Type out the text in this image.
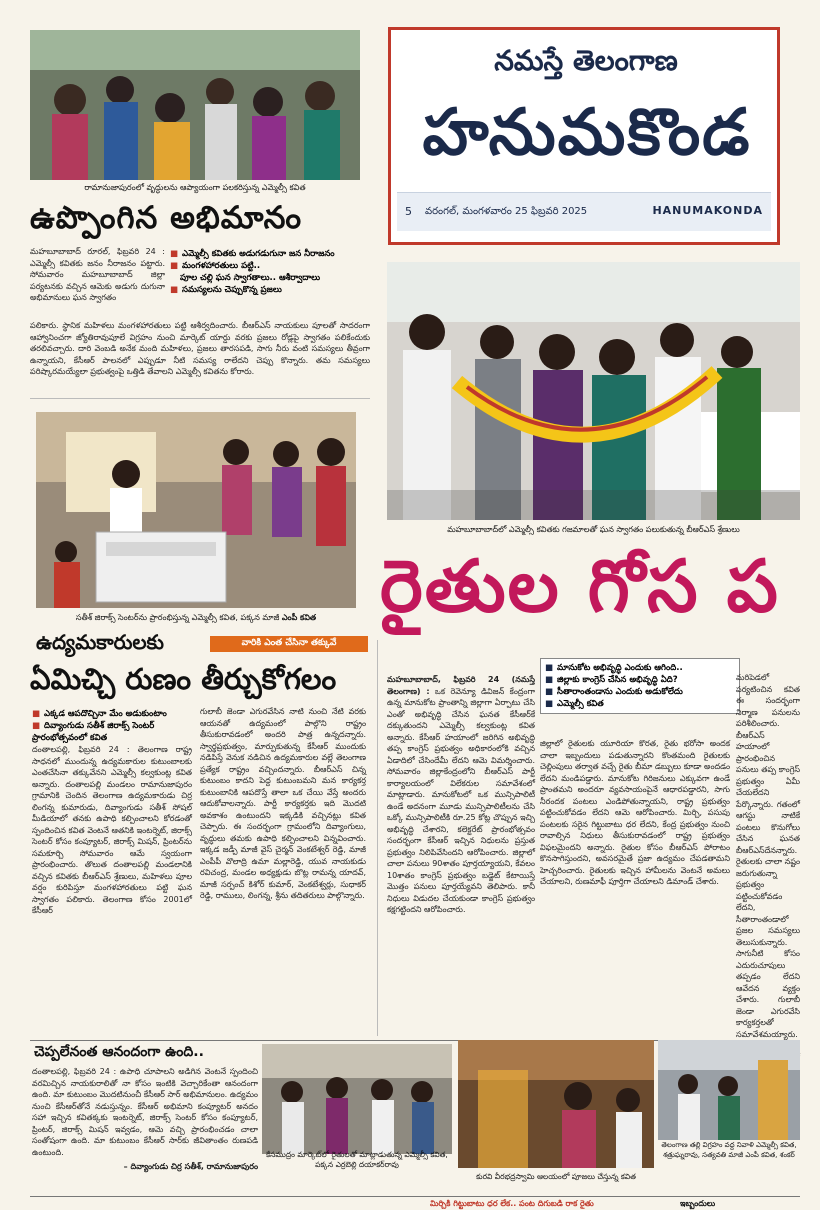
రామానుజాపురంలో వృద్ధులను ఆప్యాయంగా పలకరిస్తున్న ఎమ్మెల్సీ కవిత
ఉప్పొంగిన అభిమానం
మహబూబాబాద్ రూరల్, ఫిబ్రవరి 24 : ఎమ్మెల్సీ కవితకు జనం నీరాజనం పట్టారు. సోమవారం మహబూబాబాద్ జిల్లా పర్యటనకు వచ్చిన ఆమెకు అడుగు దుగునా అభిమానులు ఘన స్వాగతం
■ ఎమ్మెల్సీ కవితకు అడుగడుగునా జన నీరాజనం
■ మంగళహారతులు పట్టి..
పూల చల్లి ఘన స్వాగతాలు.. ఆశీర్వాదాలు
■ సమస్యలను చెప్పుకొన్న ప్రజలు
పలికారు. స్థానిక మహిళలు మంగళహారతులు పట్టి ఆశీర్వదించారు. బీఆర్ఎస్ నాయకులు పూలతో సాదరంగా ఆహ్వానించగా జ్యోతిరావుపూలే విగ్రహం నుంచి మార్కెట్ యార్డు వరకు ప్రజలు రోడ్లపై స్వాగతం పలికేందుకు తరలివచ్చారు. దారి వెంబడి అనేక మంది మహిళలు, ప్రజలు తారసపడి, సాగు నీరు వంటి సమస్యలు తీవ్రంగా ఉన్నాయని, కేసీఆర్ పాలనలో ఎప్పుడూ నీటి సమస్య రాలేదని చెప్పు కొన్నారు. తమ సమస్యలు పరిష్కారమయ్యేలా ప్రభుత్వంపై ఒత్తిడి తేవాలని ఎమ్మెల్సీ కవితను కోరారు.
నమస్తే తెలంగాణ
హనుమకొండ
5 వరంగల్, మంగళవారం 25 ఫిబ్రవరి 2025	HANUMAKONDA
మహబూబాబాద్‌లో ఎమ్మెల్సీ కవితకు గజమాలతో ఘన స్వాగతం పలుకుతున్న బీఆర్ఎస్ శ్రేణులు
రైతుల గోస ప
మహబూబాబాద్, ఫిబ్రవరి 24 (నమస్తే తెలంగాణ) : ఒక రెవెన్యూ డివిజన్ కేంద్రంగా ఉన్న మానుకోట ప్రాంతాన్ని జిల్లాగా ఏర్పాటు చేసి ఎంతో అభివృద్ధి చేసిన ఘనత కేసీఆర్‌కే దక్కుతుందని ఎమ్మెల్సీ కల్వకుంట్ల కవిత అన్నారు. కేసీఆర్ హయాంలో జరిగిన అభివృద్ధి తప్ప కాంగ్రెస్ ప్రభుత్వం అధికారంలోకి వచ్చిన ఏడాదిలో చేసిందేమీ లేదని ఆమె విమర్శించారు. సోమవారం జిల్లాకేంద్రంలోని బీఆర్ఎస్ పార్టీ కార్యాలయంలో విలేకరుల సమావేశంలో మాట్లాడారు. మానుకోటలో ఒక మున్సిపాలిటీ ఉండే అదనంగా మూడు మున్సిపాలిటీలను చేసి ఒక్కో మున్సిపాలిటీకి రూ.25 కోట్ల చొప్పున ఇచ్చి అభివృద్ధి చేశారని, కలెక్టరేట్ ప్రారంభోత్సవం సందర్భంగా కేసీఆర్ ఇచ్చిన నిధులను ప్రస్తుత ప్రభుత్వం నిలిపివేసిందని ఆరోపించారు. జిల్లాలో చాలా పనులు 90శాతం పూర్తయ్యాయని, కేవలం 10శాతం కాంగ్రెస్ ప్రభుత్వం బడ్జెట్ కేటాయిస్తే మొత్తం పనులు పూర్తయ్యేవని తెలిపారు. కానీ నిధులు విడుదల చేయకుండా కాంగ్రెస్ ప్రభుత్వం కక్షగట్టిందని ఆరోపించారు.
■ మానుకోట అభివృద్ధి ఎందుకు ఆగింది..
■ జిల్లాకు కాంగ్రెస్ చేసిన అభివృద్ధి ఏది?
■ సీతారాంతండాను ఎందుకు అడుకోలేదు
■ ఎమ్మెల్సీ కవిత
జిల్లాలో రైతులకు యూరియా కొరత, రైతు భరోసా అందక చాలా ఇబ్బందులు పడుతున్నారని కొంతమంది రైతులకు చెల్లింపులు తర్వాత వచ్చే రైతు బీమా డబ్బులు కూడా అందడం లేదని మండిపడ్డారు. మానుకోట గిరిజనులు ఎక్కువగా ఉండే ప్రాంతమని అందరూ వ్యవసాయంపైనే ఆధారపడ్డారని, సాగు నీరందక పంటలు ఎండిపోతున్నాయని, రాష్ట్ర ప్రభుత్వం పట్టించుకోవడం లేదని ఆమె ఆరోపించారు. మిర్చి, పసుపు పంటలకు సరైన గిట్టుబాటు ధర లేదని, కేంద్ర ప్రభుత్వం నుంచి రావాల్సిన నిధులు తీసుకురావడంలో రాష్ట్ర ప్రభుత్వం విఫలమైందని అన్నారు. రైతుల కోసం బీఆర్ఎస్ పోరాటం కొనసాగిస్తుందని, అవసరమైతే ప్రజా ఉద్యమం చేపడతామని హెచ్చరించారు. రైతులకు ఇచ్చిన హామీలను వెంటనే అమలు చేయాలని, రుణమాఫీ పూర్తిగా చేయాలని డిమాండ్ చేశారు.
మరిపెడలో పర్యటించిన కవిత ఈ సందర్భంగా నిర్మాణ పనులను పరిశీలించారు. బీఆర్ఎస్ హయాంలో ప్రారంభించిన పనులు తప్ప కాంగ్రెస్ ప్రభుత్వం ఏమీ చేయలేదని పేర్కొన్నారు. గతంలో ఆగస్టు నాటికే పంటలు కొనుగోలు చేసిన ఘనత బీఆర్ఎస్‌దేనన్నారు. రైతులకు చాలా నష్టం జరుగుతున్నా ప్రభుత్వం పట్టించుకోవడం లేదని, సీతారాంతండాలో ప్రజల సమస్యలు తెలుసుకున్నారు. సాగునీటి కోసం ఎదురుచూపులు తప్పడం లేదని ఆవేదన వ్యక్తం చేశారు. గులాబీ జెండా ఎగురవేసి కార్యకర్తలతో సమావేశమయ్యారు.
సతీశ్ జిరాక్స్ సెంటర్‌ను ప్రారంభిస్తున్న ఎమ్మెల్సీ కవిత, పక్కన మాజీ ఎంపీ కవిత
ఉద్యమకారులకు	వారికి ఎంత చేసినా తక్కువే
ఏమిచ్చి రుణం తీర్చుకోగలం
■ ఎక్కడ ఆపదొచ్చినా మేం అడుకుంటాం
■ దివ్యాంగుడు సతీశ్ జిరాక్స్ సెంటర్ ప్రారంభోత్సవంలో కవిత
దంతాలపల్లి, ఫిబ్రవరి 24 : తెలంగాణ రాష్ట్ర సాధనలో ముందున్న ఉద్యమకారుల కుటుంబాలకు ఎంతచేసినా తక్కువేనని ఎమ్మెల్సీ కల్వకుంట్ల కవిత అన్నారు. దంతాలపల్లి మండలం రామానుజాపురం గ్రామానికి చెందిన తెలంగాణ ఉద్యమకారుడు చిర్ర లింగన్న కుమారుడు, దివ్యాంగుడు సతీశ్ సోషల్ మీడియాలో తనకు ఉపాధి కల్పించాలని కోరడంతో స్పందించిన కవిత వెంటనే ఆతనికి ఇంటర్నెట్, జిరాక్స్ సెంటర్ కోసం కంప్యూటర్, జిరాక్స్ మిషన్, ప్రింటర్‌ను సమకూర్చి సోమవారం ఆమే స్వయంగా ప్రారంభించారు. తొలుత దంతాలపల్లి మండలానికి వచ్చిన కవితకు బీఆర్ఎస్ శ్రేణులు, మహిళలు పూల వర్షం కురిపిస్తూ మంగళహారతులు పట్టి ఘన స్వాగతం పలికారు. తెలంగాణ కోసం 2001లో కేసీఆర్
గులాబీ జెండా ఎగురవేసిన నాటి నుంచి నేటి వరకు ఆయనతో ఉద్యమంలో పాల్గొని రాష్ట్రం తీసుకురావడంలో అందరి పాత్ర ఉన్నదన్నారు. స్వార్థప్రభుత్వం, మార్పుకుతున్న కేసీఆర్ ముందుకు నడిపిస్తే వెనుక నడిచిన ఉద్యమకారుల వల్లే తెలంగాణ ప్రత్యేక రాష్ట్రం వచ్చిందన్నారు. బీఆర్ఎస్ చిన్న కుటుంబం కాదని పెద్ద కుటుంబమని మన కార్యకర్త కుటుంబానికి ఆపదొస్తే తాలా ఒక చేయి వేస్తే అందరు ఆదుకోవాలన్నారు. పార్టీ కార్యకర్తకు ఇది మొదటి అవకాశం ఉంటుందని ఇక్కడికి వచ్చినట్లు కవిత చెప్పారు. ఈ సందర్భంగా గ్రామంలోని దివ్యాంగులు, వృద్ధులు తమకు ఉపాధి కల్పించాలని విన్నవించారు. ఇక్కడ జడ్పీ మాజీ వైస్ చైర్మన్ వెంకటేశ్వర్ రెడ్డి, మాజీ ఎంపీపీ వొలాద్రి ఉమా మల్లారెడ్డి, యువ నాయకుడు రవిచంద్ర, మండల అధ్యక్షుడు బొట్ల రామన్న యాదవ్, మాజీ సర్పంచ్ కిశోర్ కుమార్, వెంకటేశ్వర్లు, సుధాకర్ రెడ్డి, రాములు, లింగన్న, శ్రీను తదితరులు పాల్గొన్నారు.
చెప్పలేనంత ఆనందంగా ఉంది..
దంతాలపల్లి, ఫిబ్రవరి 24 : ఉపాధి చూపాలని అడిగిన వెంటనే స్పందించి వరమిచ్చిన నాయకురాలితో నా కోసం ఇంటికి వెచ్చారికేంతా ఆనందంగా ఉంది. మా కుటుంబం మొదటినుంచీ కేసీఆర్ సార్ అభిమానులం. ఉద్యమం నుంచి కేసీఆర్‌తోనే నడుస్తున్నం. కేసీఆర్ అభిమాని కంప్యూటర్ అనదం సహా ఇచ్చిన కవితక్కకు ఇంటర్నెట్, జిరాక్స్ సెంటర్ కోసం కంప్యూటర్, ప్రింటర్, జిరాక్స్ మిషన్ ఇవ్వడం, ఆమె వచ్చి ప్రారంభించడం చాలా సంతోషంగా ఉంది. మా కుటుంబం కేసీఆర్ సార్‌కు జీవితాంతం రుణపడి ఉంటుంది.
– దివ్యాంగుడు చిర్ర సతీశ్, రామానుజాపురం
కేసముద్రం మార్కెట్‌లో రైతులతో మాట్లాడుతున్న ఎమ్మెల్సీ కవిత, పక్కన ఎర్రబెల్లి దయాకర్‌రావు
కురవి వీరభద్రస్వామి ఆలయంలో పూజలు చేస్తున్న కవిత
తెలంగాణ తల్లి విగ్రహం వద్ద నివాళి ఎమ్మెల్సీ కవిత, శత్రుఘ్నరావు, సత్యవతి మాజీ ఎంపీ కవిత, శంకర్
మిర్చికి గిట్టుబాటు ధర లేక.. పంట దిగుబడి రాక రైతు	ఇబ్బందులు
